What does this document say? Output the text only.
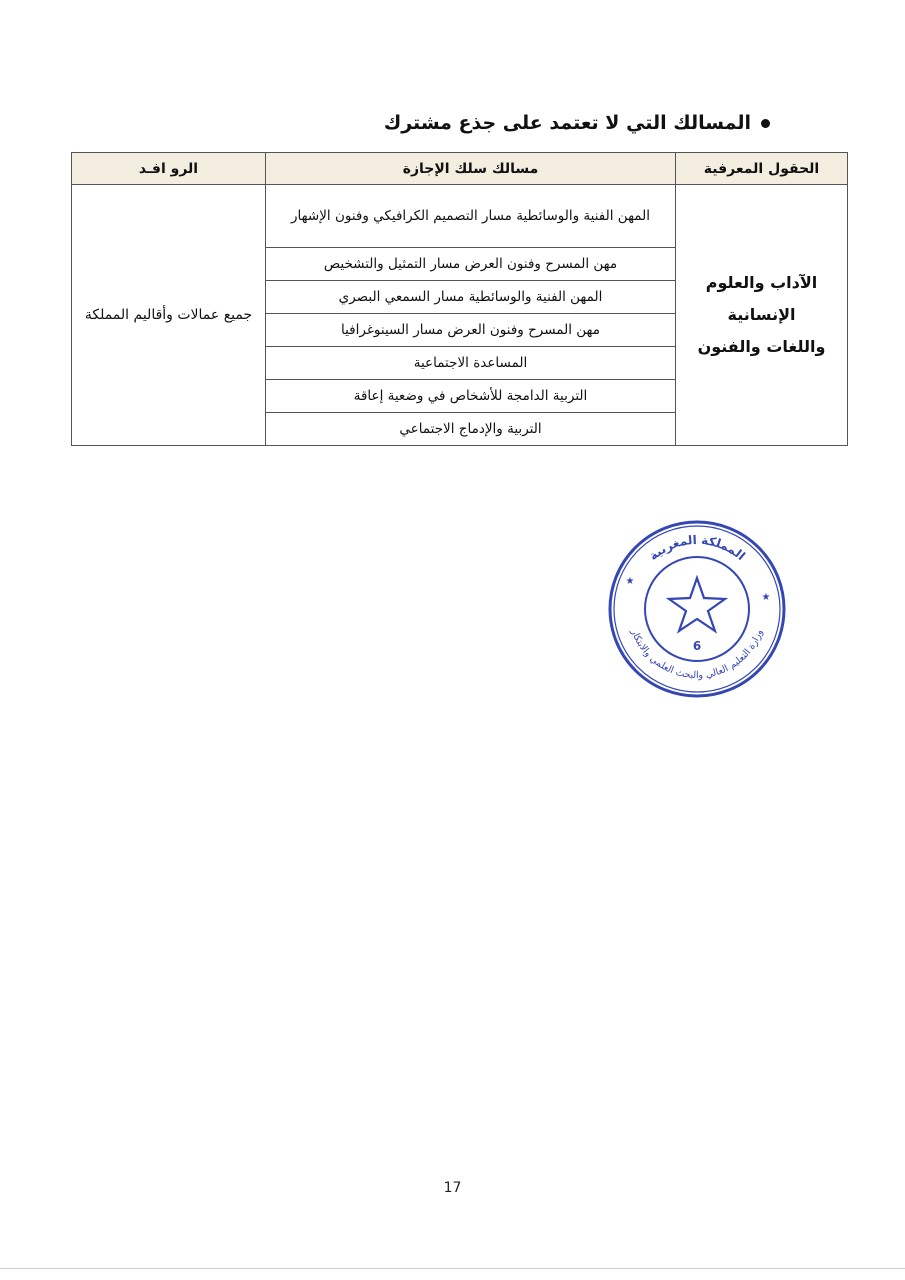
المسالك التي لا تعتمد على جذع مشترك
الحقول المعرفية	مسالك سلك الإجازة	الرو افـد

الآداب والعلوم
الإنسانية
واللغات والفنون	المهن الفنية والوسائطية مسار التصميم الكرافيكي وفنون الإشهار	جميع عمالات وأقاليم المملكة
	مهن المسرح وفنون العرض مسار التمثيل والتشخيص	
	المهن الفنية والوسائطية مسار السمعي البصري	
	مهن المسرح وفنون العرض مسار السينوغرافيا	
	المساعدة الاجتماعية	
	التربية الدامجة للأشخاص في وضعية إعاقة	
	التربية والإدماج الاجتماعي	
المملكة المغربية
وزارة التعليم العالي والبحث العلمي والابتكار
6
★
★
17
